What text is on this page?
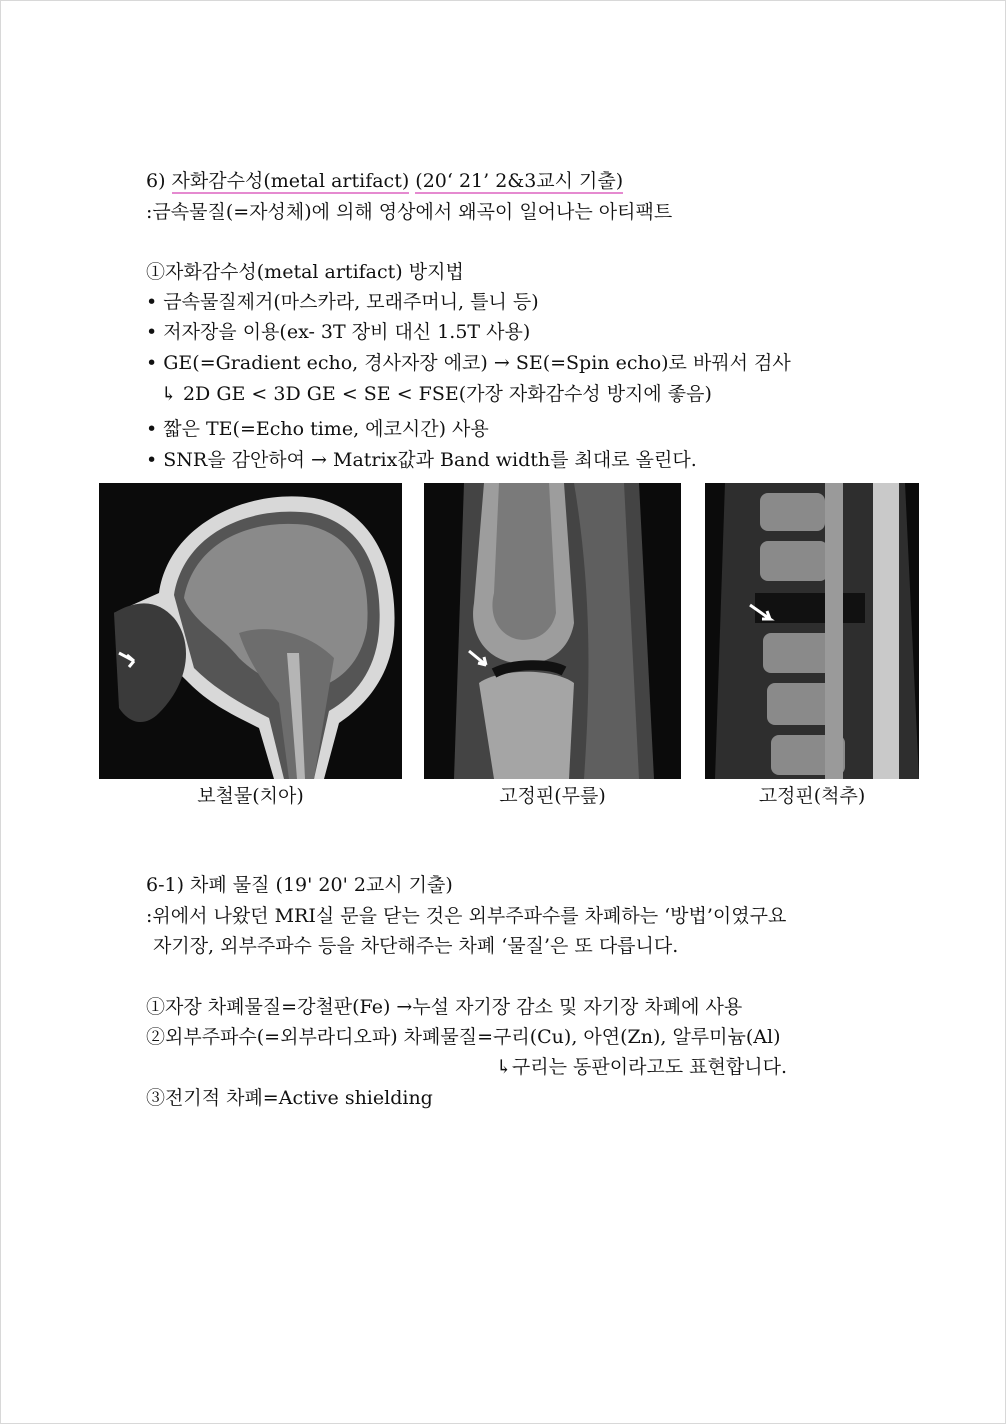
6) 자화감수성(metal artifact) (20‘ 21’ 2&3교시 기출)
:금속물질(=자성체)에 의해 영상에서 왜곡이 일어나는 아티팩트
①자화감수성(metal artifact) 방지법
• 금속물질제거(마스카라, 모래주머니, 틀니 등)
• 저자장을 이용(ex- 3T 장비 대신 1.5T 사용)
• GE(=Gradient echo, 경사자장 에코) → SE(=Spin echo)로 바꿔서 검사
↳ 2D GE < 3D GE < SE < FSE(가장 자화감수성 방지에 좋음)
• 짧은 TE(=Echo time, 에코시간) 사용
• SNR을 감안하여 → Matrix값과 Band width를 최대로 올린다.
보철물(치아)	고정핀(무릎)	고정핀(척추)
6-1) 차폐 물질 (19' 20' 2교시 기출)
:위에서 나왔던 MRI실 문을 닫는 것은 외부주파수를 차폐하는 ‘방법’이였구요
자기장, 외부주파수 등을 차단해주는 차폐 ‘물질’은 또 다릅니다.
①자장 차폐물질=강철판(Fe) →누설 자기장 감소 및 자기장 차폐에 사용
②외부주파수(=외부라디오파) 차폐물질=구리(Cu), 아연(Zn), 알루미늄(Al)
↳구리는 동판이라고도 표현합니다.
③전기적 차폐=Active shielding
